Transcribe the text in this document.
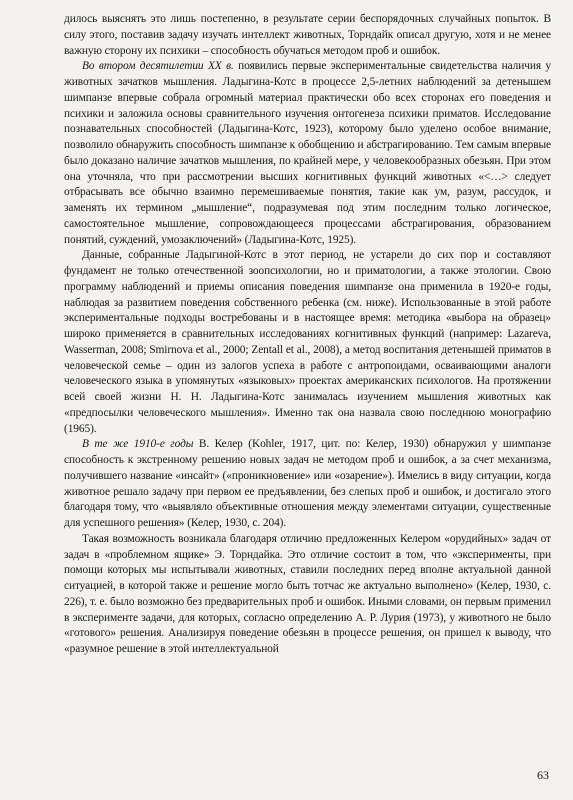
дилось выяснять это лишь постепенно, в результате серии беспорядочных случайных попыток. В силу этого, поставив задачу изучать интеллект животных, Торндайк описал другую, хотя и не менее важную сторону их психики – способность обучаться методом проб и ошибок.

Во втором десятилетии XX в. появились первые экспериментальные свидетельства наличия у животных зачатков мышления. Ладыгина-Котс в процессе 2,5-летних наблюдений за детенышем шимпанзе впервые собрала огромный материал практически обо всех сторонах его поведения и психики и заложила основы сравнительного изучения онтогенеза психики приматов. Исследование познавательных способностей (Ладыгина-Котс, 1923), которому было уделено особое внимание, позволило обнаружить способность шимпанзе к обобщению и абстрагированию. Тем самым впервые было доказано наличие зачатков мышления, по крайней мере, у человекообразных обезьян. При этом она уточняла, что при рассмотрении высших когнитивных функций животных «<…> следует отбрасывать все обычно взаимно перемешиваемые понятия, такие как ум, разум, рассудок, и заменять их термином „мышление“, подразумевая под этим последним только логическое, самостоятельное мышление, сопровождающееся процессами абстрагирования, образованием понятий, суждений, умозаключений» (Ладыгина-Котс, 1925).

Данные, собранные Ладыгиной-Котс в этот период, не устарели до сих пор и составляют фундамент не только отечественной зоопсихологии, но и приматологии, а также этологии. Свою программу наблюдений и приемы описания поведения шимпанзе она применила в 1920-е годы, наблюдая за развитием поведения собственного ребенка (см. ниже). Использованные в этой работе экспериментальные подходы востребованы и в настоящее время: методика «выбора на образец» широко применяется в сравнительных исследованиях когнитивных функций (например: Lazareva, Wasserman, 2008; Smirnova et al., 2000; Zentall et al., 2008), а метод воспитания детенышей приматов в человеческой семье – один из залогов успеха в работе с антропоидами, осваивающими аналоги человеческого языка в упомянутых «языковых» проектах американских психологов. На протяжении всей своей жизни Н. Н. Ладыгина-Котс занималась изучением мышления животных как «предпосылки человеческого мышления». Именно так она назвала свою последнюю монографию (1965).

В те же 1910-е годы В. Келер (Kohler, 1917, цит. по: Келер, 1930) обнаружил у шимпанзе способность к экстренному решению новых задач не методом проб и ошибок, а за счет механизма, получившего название «инсайт» («проникновение» или «озарение»). Имелись в виду ситуации, когда животное решало задачу при первом ее предъявлении, без слепых проб и ошибок, и достигало этого благодаря тому, что «выявляло объективные отношения между элементами ситуации, существенные для успешного решения» (Келер, 1930, с. 204).

Такая возможность возникала благодаря отличию предложенных Келером «орудийных» задач от задач в «проблемном ящике» Э. Торндайка. Это отличие состоит в том, что «эксперименты, при помощи которых мы испытывали животных, ставили последних перед вполне актуальной данной ситуацией, в которой также и решение могло быть тотчас же актуально выполнено» (Келер, 1930, с. 226), т. е. было возможно без предварительных проб и ошибок. Иными словами, он первым применил в эксперименте задачи, для которых, согласно определению А. Р. Лурия (1973), у животного не было «готового» решения. Анализируя поведение обезьян в процессе решения, он пришел к выводу, что «разумное решение в этой интеллектуальной

63
